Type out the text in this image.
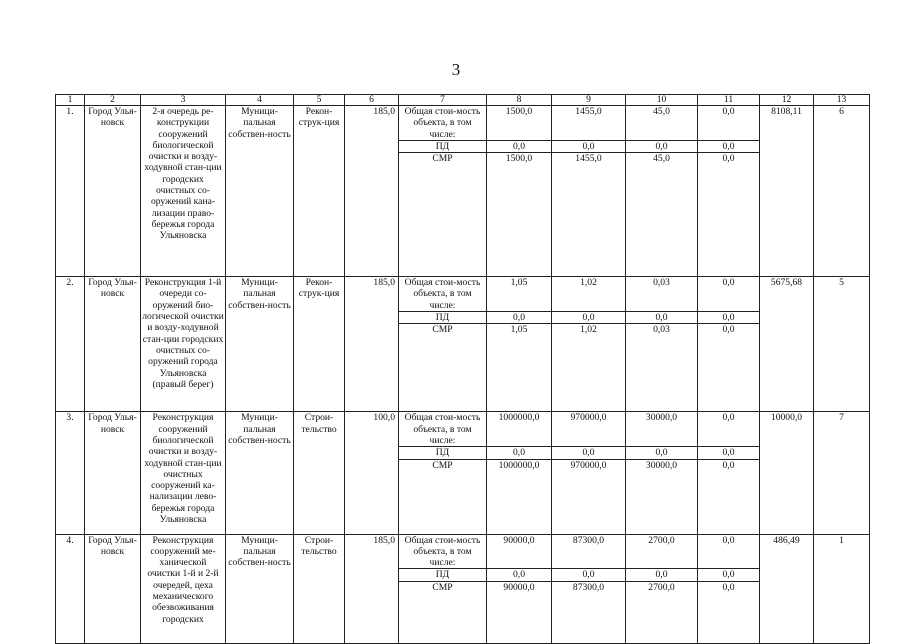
3
1	2	3	4	5	6	7	8	9	10	11	12	13
1.	Город Улья-новск	2-я очередь ре-конструкции сооружений биологической очистки и возду-ходувной стан-ции городских очистных со-оружений кана-лизации право-бережья города Ульяновска	Муници-пальная собствен-ность	Рекон-струк-ция	185,0	Общая стои-мость объекта, в том числе:	1500,0	1455,0	45,0	0,0	8108,11	6
						ПД	0,0	0,0	0,0	0,0		
						СМР	1500,0	1455,0	45,0	0,0		
2.	Город Улья-новск	Реконструкция 1-й очереди со-оружений био-логической очистки и возду-ходувной стан-ции городских очистных со-оружений города Ульяновска (правый берег)	Муници-пальная собствен-ность	Рекон-струк-ция	185,0	Общая стои-мость объекта, в том числе:	1,05	1,02	0,03	0,0	5675,68	5
						ПД	0,0	0,0	0,0	0,0		
						СМР	1,05	1,02	0,03	0,0		
3.	Город Улья-новск	Реконструкция сооружений биологической очистки и возду-ходувной стан-ции очистных сооружений ка-нализации лево-бережья города Ульяновска	Муници-пальная собствен-ность	Строи-тельство	100,0	Общая стои-мость объекта, в том числе:	1000000,0	970000,0	30000,0	0,0	10000,0	7
						ПД	0,0	0,0	0,0	0,0		
						СМР	1000000,0	970000,0	30000,0	0,0		
4.	Город Улья-новск	Реконструкция сооружений ме-ханической очистки 1-й и 2-й очередей, цеха механического обезвоживания городских	Муници-пальная собствен-ность	Строи-тельство	185,0	Общая стои-мость объекта, в том числе:	90000,0	87300,0	2700,0	0,0	486,49	1
						ПД	0,0	0,0	0,0	0,0		
						СМР	90000,0	87300,0	2700,0	0,0		
